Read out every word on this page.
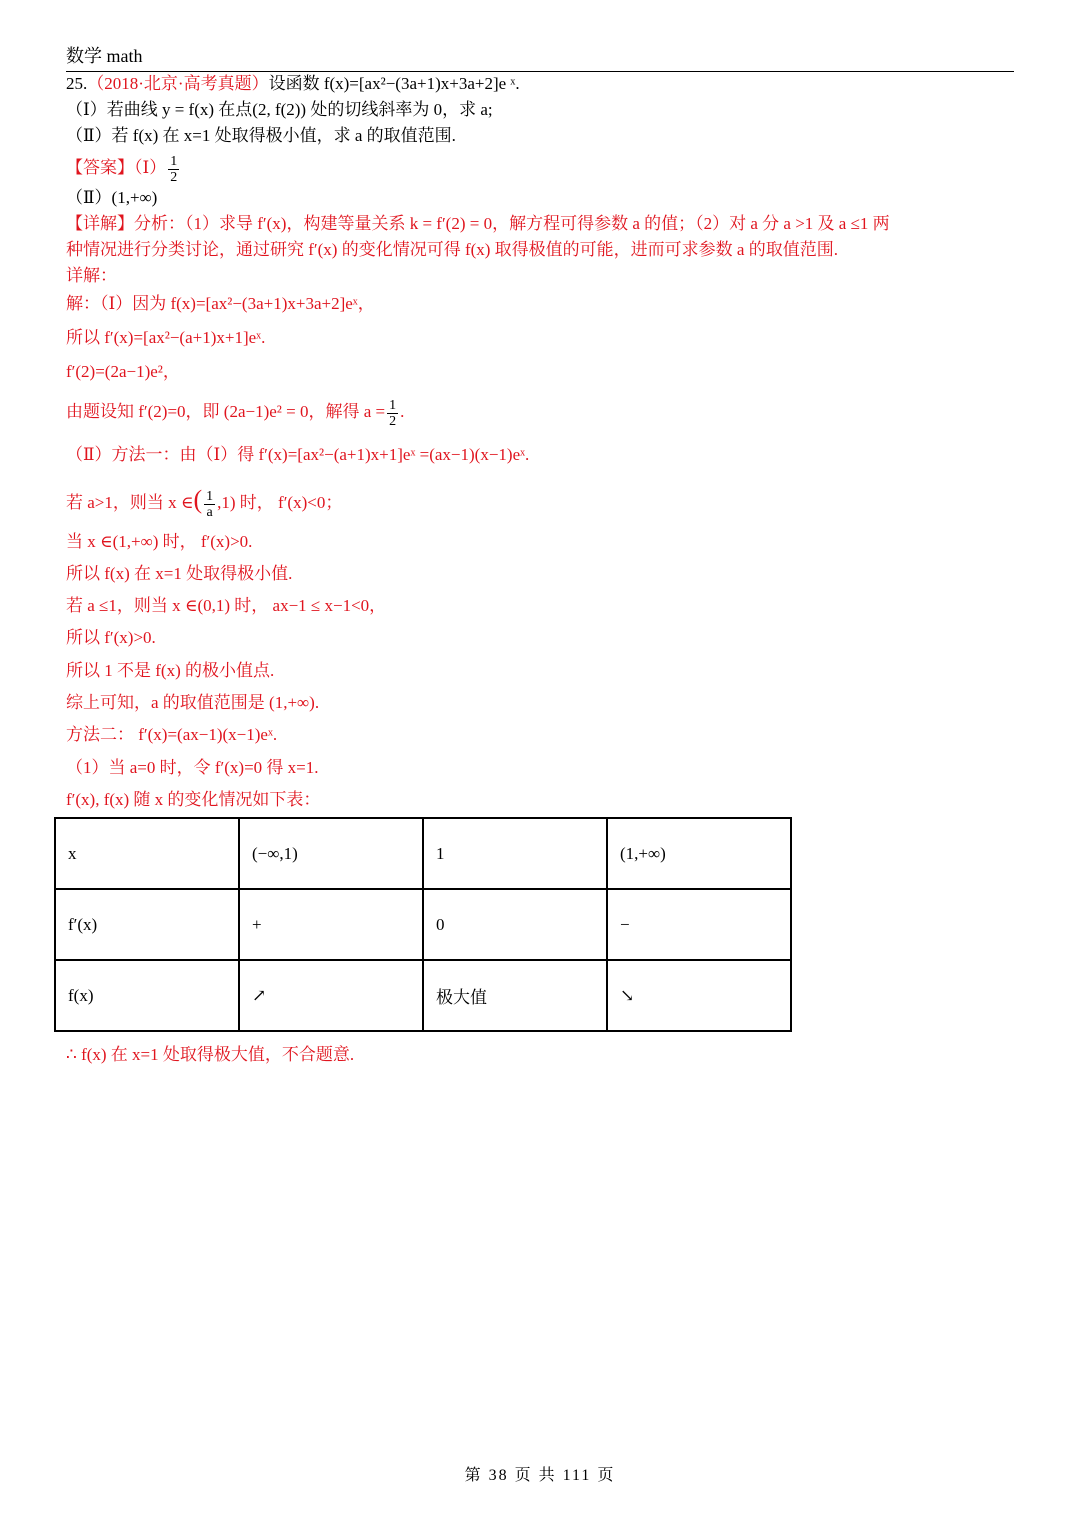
数学 math
25.（2018·北京·高考真题）设函数 f(x)=[ax²−(3a+1)x+3a+2]e ˣ.
（Ⅰ）若曲线 y = f(x) 在点(2, f(2)) 处的切线斜率为 0，求 a;
（Ⅱ）若 f(x) 在 x=1 处取得极小值，求 a 的取值范围.
【答案】（Ⅰ） $\frac{1}{2}$
（Ⅱ）(1,+∞)
【详解】分析：（1）求导 f′(x)，构建等量关系 k = f′(2) = 0，解方程可得参数 a 的值；（2）对 a 分 a >1 及 a ≤1 两
种情况进行分类讨论，通过研究 f′(x) 的变化情况可得 f(x) 取得极值的可能，进而可求参数 a 的取值范围.
详解：
解：（Ⅰ）因为 f(x)=[ax²−(3a+1)x+3a+2]eˣ，
所以 f′(x)=[ax²−(a+1)x+1]eˣ.
f′(2)=(2a−1)e²，
由题设知 f′(2)=0，即 (2a−1)e² = 0，解得 $a = \frac{1}{2}$ .
（Ⅱ）方法一：由（Ⅰ）得 f′(x)=[ax²−(a+1)x+1]eˣ =(ax−1)(x−1)eˣ.
若 a>1，则当 x ∈( $\frac{1}{a} ,1$) 时， f′(x)<0；
当 x ∈(1,+∞) 时， f′(x)>0.
所以 f(x) 在 x=1 处取得极小值.
若 a ≤1，则当 x ∈(0,1) 时， ax−1 ≤ x−1<0，
所以 f′(x)>0.
所以 1 不是 f(x) 的极小值点.
综上可知，a 的取值范围是 (1,+∞).
方法二： f′(x)=(ax−1)(x−1)eˣ.
（1）当 a=0 时，令 f′(x)=0 得 x=1.
f′(x), f(x) 随 x 的变化情况如下表：
x	(−∞,1)	1	(1,+∞)
f′(x)	+	0	−
f(x)	↗	极大值	↘
∴ f(x) 在 x=1 处取得极大值，不合题意.
第 38 页 共 111 页
